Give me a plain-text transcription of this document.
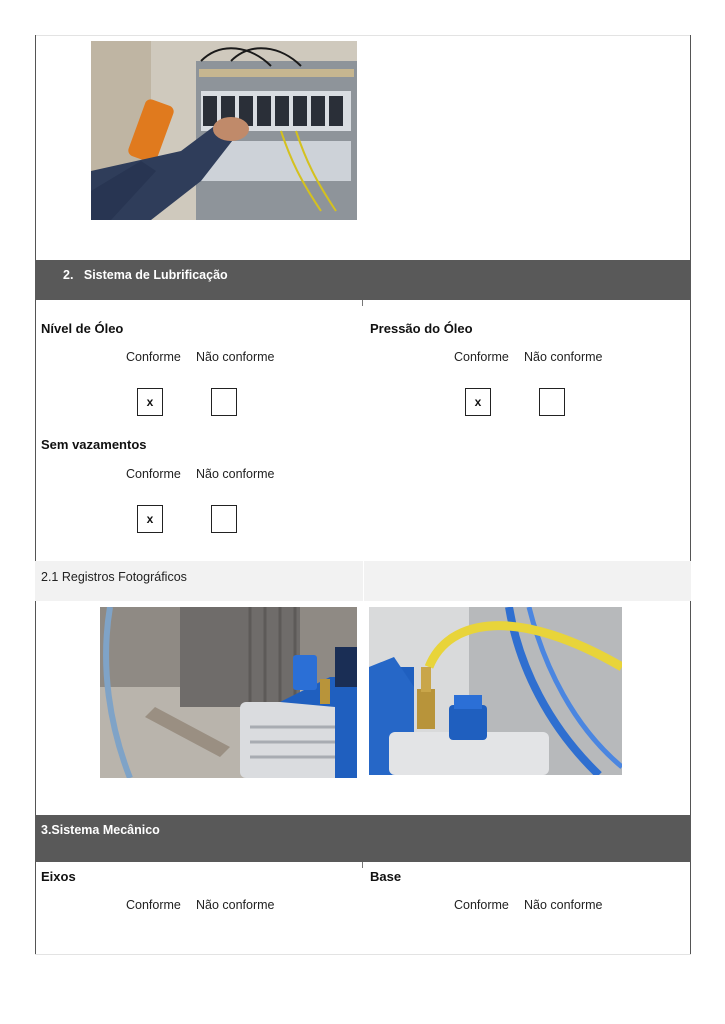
2. Sistema de Lubrificação
Nível de Óleo
Conforme Não conforme
x
Pressão do Óleo
Conforme Não conforme
x
Sem vazamentos
Conforme Não conforme
x
2.1 Registros Fotográficos
3.Sistema Mecânico
Eixos
Conforme Não conforme
Base
Conforme Não conforme
